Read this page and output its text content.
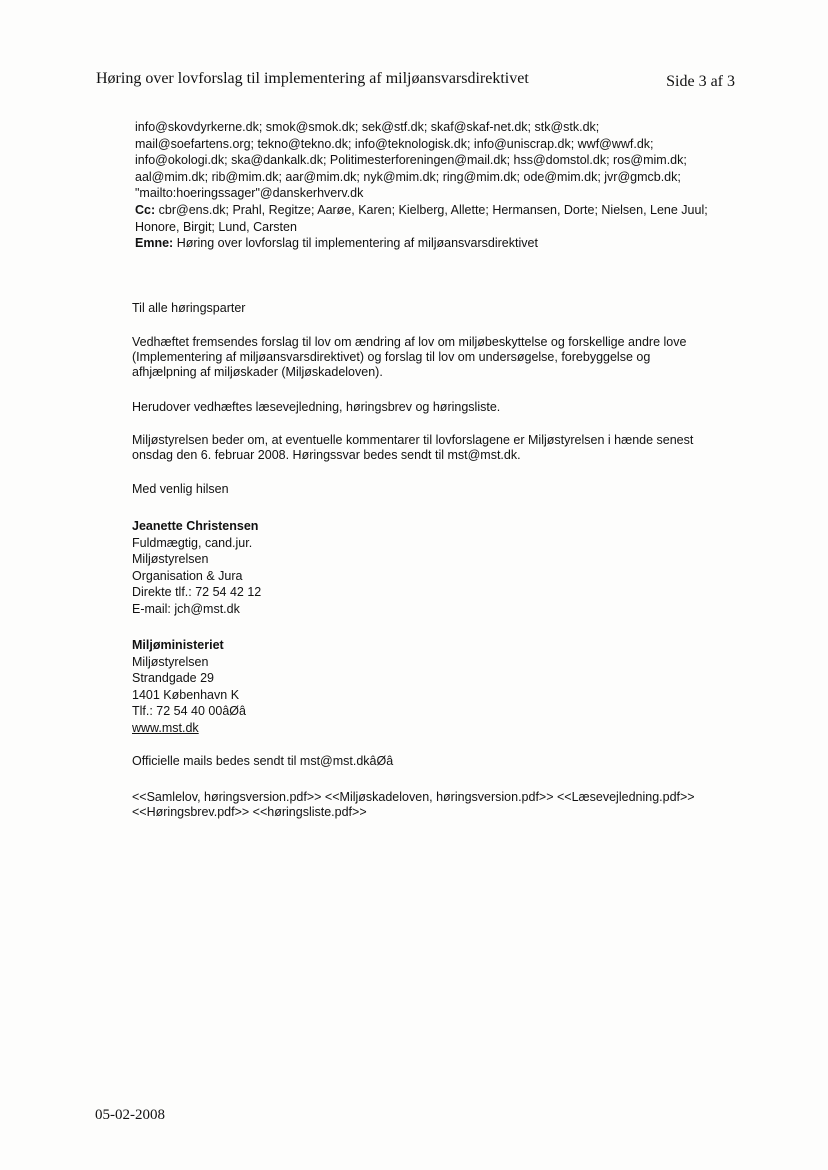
Høring over lovforslag til implementering af miljøansvarsdirektivet	Side 3 af 3
info@skovdyrkerne.dk; smok@smok.dk; sek@stf.dk; skaf@skaf-net.dk; stk@stk.dk;
mail@soefartens.org; tekno@tekno.dk; info@teknologisk.dk; info@uniscrap.dk; wwf@wwf.dk;
info@okologi.dk; ska@dankalk.dk; Politimesterforeningen@mail.dk; hss@domstol.dk; ros@mim.dk;
aal@mim.dk; rib@mim.dk; aar@mim.dk; nyk@mim.dk; ring@mim.dk; ode@mim.dk; jvr@gmcb.dk;
"mailto:hoeringssager"@danskerhverv.dk
Cc: cbr@ens.dk; Prahl, Regitze; Aarøe, Karen; Kielberg, Allette; Hermansen, Dorte; Nielsen, Lene Juul;
Honore, Birgit; Lund, Carsten
Emne: Høring over lovforslag til implementering af miljøansvarsdirektivet
Til alle høringsparter
Vedhæftet fremsendes forslag til lov om ændring af lov om miljøbeskyttelse og forskellige andre love
(Implementering af miljøansvarsdirektivet) og forslag til lov om undersøgelse, forebyggelse og
afhjælpning af miljøskader (Miljøskadeloven).
Herudover vedhæftes læsevejledning, høringsbrev og høringsliste.
Miljøstyrelsen beder om, at eventuelle kommentarer til lovforslagene er Miljøstyrelsen i hænde senest
onsdag den 6. februar 2008. Høringssvar bedes sendt til mst@mst.dk.
Med venlig hilsen
Jeanette Christensen
Fuldmægtig, cand.jur.
Miljøstyrelsen
Organisation & Jura
Direkte tlf.: 72 54 42 12
E-mail: jch@mst.dk
Miljøministeriet
Miljøstyrelsen
Strandgade 29
1401 København K
Tlf.: 72 54 40 00âØâ
www.mst.dk
Officielle mails bedes sendt til mst@mst.dkâØâ
<<Samlelov, høringsversion.pdf>> <<Miljøskadeloven, høringsversion.pdf>> <<Læsevejledning.pdf>>
<<Høringsbrev.pdf>> <<høringsliste.pdf>>
05-02-2008
